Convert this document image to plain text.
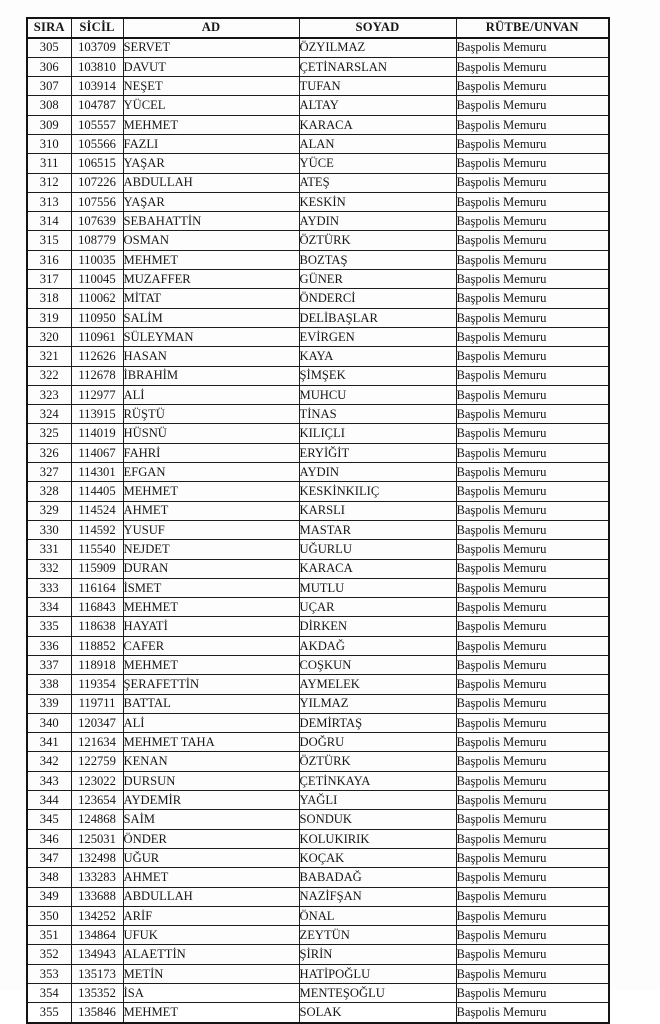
SIRA	SİCİL	AD	SOYAD	RÜTBE/UNVAN
305	103709	SERVET	ÖZYILMAZ	Başpolis Memuru
306	103810	DAVUT	ÇETİNARSLAN	Başpolis Memuru
307	103914	NEŞET	TUFAN	Başpolis Memuru
308	104787	YÜCEL	ALTAY	Başpolis Memuru
309	105557	MEHMET	KARACA	Başpolis Memuru
310	105566	FAZLI	ALAN	Başpolis Memuru
311	106515	YAŞAR	YÜCE	Başpolis Memuru
312	107226	ABDULLAH	ATEŞ	Başpolis Memuru
313	107556	YAŞAR	KESKİN	Başpolis Memuru
314	107639	SEBAHATTİN	AYDIN	Başpolis Memuru
315	108779	OSMAN	ÖZTÜRK	Başpolis Memuru
316	110035	MEHMET	BOZTAŞ	Başpolis Memuru
317	110045	MUZAFFER	GÜNER	Başpolis Memuru
318	110062	MİTAT	ÖNDERCİ	Başpolis Memuru
319	110950	SALİM	DELİBAŞLAR	Başpolis Memuru
320	110961	SÜLEYMAN	EVİRGEN	Başpolis Memuru
321	112626	HASAN	KAYA	Başpolis Memuru
322	112678	İBRAHİM	ŞİMŞEK	Başpolis Memuru
323	112977	ALİ	MUHCU	Başpolis Memuru
324	113915	RÜŞTÜ	TİNAS	Başpolis Memuru
325	114019	HÜSNÜ	KILIÇLI	Başpolis Memuru
326	114067	FAHRİ	ERYİĞİT	Başpolis Memuru
327	114301	EFGAN	AYDIN	Başpolis Memuru
328	114405	MEHMET	KESKİNKILIÇ	Başpolis Memuru
329	114524	AHMET	KARSLI	Başpolis Memuru
330	114592	YUSUF	MASTAR	Başpolis Memuru
331	115540	NEJDET	UĞURLU	Başpolis Memuru
332	115909	DURAN	KARACA	Başpolis Memuru
333	116164	İSMET	MUTLU	Başpolis Memuru
334	116843	MEHMET	UÇAR	Başpolis Memuru
335	118638	HAYATİ	DİRKEN	Başpolis Memuru
336	118852	CAFER	AKDAĞ	Başpolis Memuru
337	118918	MEHMET	COŞKUN	Başpolis Memuru
338	119354	ŞERAFETTİN	AYMELEK	Başpolis Memuru
339	119711	BATTAL	YILMAZ	Başpolis Memuru
340	120347	ALİ	DEMİRTAŞ	Başpolis Memuru
341	121634	MEHMET TAHA	DOĞRU	Başpolis Memuru
342	122759	KENAN	ÖZTÜRK	Başpolis Memuru
343	123022	DURSUN	ÇETİNKAYA	Başpolis Memuru
344	123654	AYDEMİR	YAĞLI	Başpolis Memuru
345	124868	SAİM	SONDUK	Başpolis Memuru
346	125031	ÖNDER	KOLUKIRIK	Başpolis Memuru
347	132498	UĞUR	KOÇAK	Başpolis Memuru
348	133283	AHMET	BABADAĞ	Başpolis Memuru
349	133688	ABDULLAH	NAZİFŞAN	Başpolis Memuru
350	134252	ARİF	ÖNAL	Başpolis Memuru
351	134864	UFUK	ZEYTÜN	Başpolis Memuru
352	134943	ALAETTİN	ŞİRİN	Başpolis Memuru
353	135173	METİN	HATİPOĞLU	Başpolis Memuru
354	135352	İSA	MENTEŞOĞLU	Başpolis Memuru
355	135846	MEHMET	SOLAK	Başpolis Memuru
